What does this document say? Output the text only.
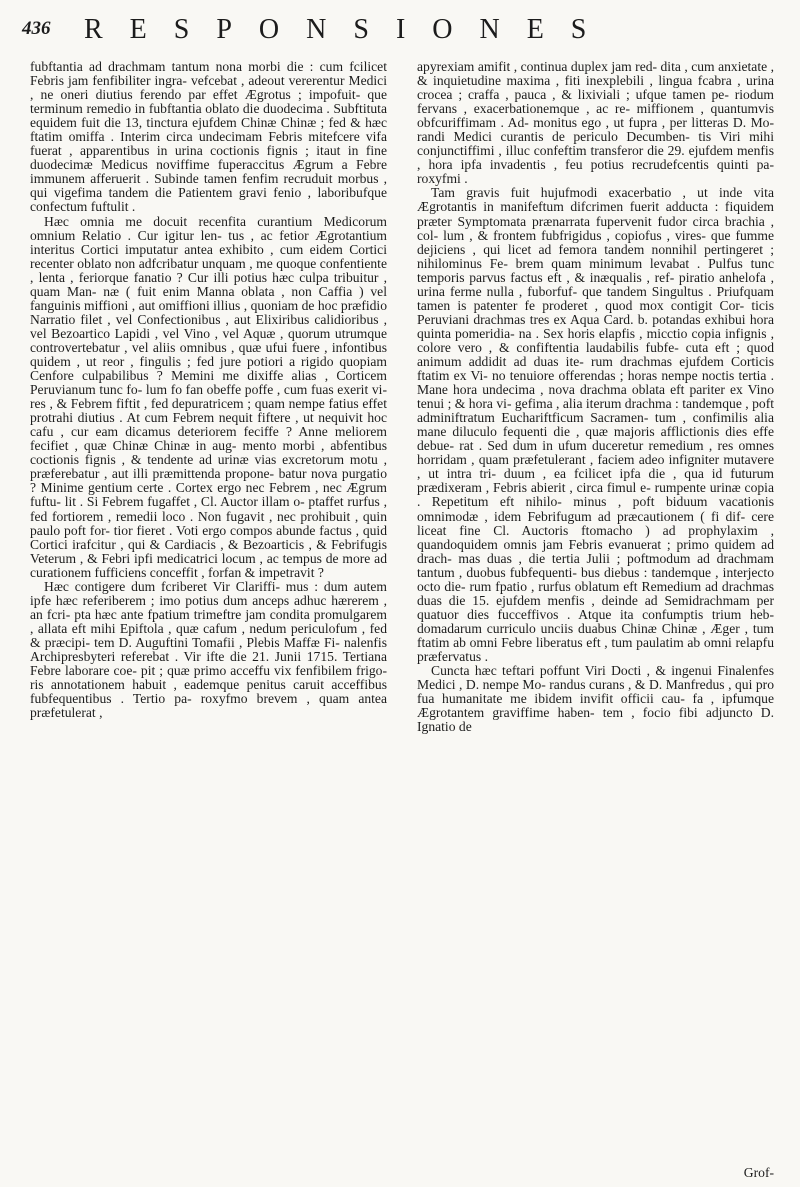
436 RESPONSIONES

fubftantia ad drachmam tantum nona morbi die : cum fcilicet Febris jam fenfibiliter ingra- vefcebat , adeout vererentur Medici , ne oneri diutius ferendo par effet Ægrotus ; impofuit- que terminum remedio in fubftantia oblato die duodecima . Subftituta equidem fuit die 13, tinctura ejufdem Chinæ Chinæ ; fed & hæc ftatim omiffa . Interim circa undecimam Febris mitefcere vifa fuerat , apparentibus in urina coctionis fignis ; itaut in fine duodecimæ Medicus noviffime fuperaccitus Ægrum a Febre immunem afferuerit . Subinde tamen fenfim recruduit morbus , qui vigefima tandem die Patientem gravi fenio , laboribufque confectum fuftulit .

Hæc omnia me docuit recenfita curantium Medicorum omnium Relatio . Cur igitur len- tus , ac fetior Ægrotantium interitus Cortici imputatur antea exhibito , cum eidem Cortici recenter oblato non adfcribatur unquam , me quoque confentiente , lenta , feriorque fanatio ? Cur illi potius hæc culpa tribuitur , quam Man- næ ( fuit enim Manna oblata , non Caffia ) vel fanguinis miffioni , aut omiffioni illius , quoniam de hoc præfidio Narratio filet , vel Confectionibus , aut Elixiribus calidioribus , vel Bezoartico Lapidi , vel Vino , vel Aquæ , quorum utrumque controvertebatur , vel aliis omnibus , quæ ufui fuere , infontibus quidem , ut reor , fingulis ; fed jure potiori a rigido quopiam Cenfore culpabilibus ? Memini me dixiffe alias , Corticem Peruvianum tunc fo- lum fo fan obeffe poffe , cum fuas exerit vi- res , & Febrem fiftit , fed depuratricem ; quam nempe fatius effet protrahi diutius . At cum Febrem nequit fiftere , ut nequivit hoc cafu , cur eam dicamus deteriorem feciffe ? Anne meliorem fecifiet , quæ Chinæ Chinæ in aug- mento morbi , abfentibus coctionis fignis , & tendente ad urinæ vias excretorum motu , præferebatur , aut illi præmittenda propone- batur nova purgatio ? Minime gentium certe . Cortex ergo nec Febrem , nec Ægrum fuftu- lit . Si Febrem fugaffet , Cl. Auctor illam o- ptaffet rurfus , fed fortiorem , remedii loco . Non fugavit , nec prohibuit , quin paulo poft for- tior fieret . Voti ergo compos abunde factus , quid Cortici irafcitur , qui & Cardiacis , & Bezoarticis , & Febrifugis Veterum , & Febri ipfi medicatrici locum , ac tempus de more ad curationem fufficiens conceffit , forfan & impetravit ?

Hæc contigere dum fcriberet Vir Clariffi- mus : dum autem ipfe hæc referiberem ; imo potius dum anceps adhuc hærerem , an fcri- pta hæc ante fpatium trimeftre jam condita promulgarem , allata eft mihi Epiftola , quæ cafum , nedum periculofum , fed & præcipi- tem D. Auguftini Tomafii , Plebis Maffæ Fi- nalenfis Archipresbyteri referebat . Vir ifte die 21. Junii 1715. Tertiana Febre laborare coe- pit ; quæ primo acceffu vix fenfibilem frigo- ris annotationem habuit , eademque penitus caruit acceffibus fubfequentibus . Tertio pa- roxyfmo brevem , quam antea præfetulerat ,

apyrexiam amifit , continua duplex jam red- dita , cum anxietate , & inquietudine maxima , fiti inexplebili , lingua fcabra , urina crocea ; craffa , pauca , & lixiviali ; ufque tamen pe- riodum fervans , exacerbationemque , ac re- miffionem , quantumvis obfcuriffimam . Ad- monitus ego , ut fupra , per litteras D. Mo- randi Medici curantis de periculo Decumben- tis Viri mihi conjunctiffimi , illuc confeftim transferor die 29. ejufdem menfis , hora ipfa invadentis , feu potius recrudefcentis quinti pa- roxyfmi .

Tam gravis fuit hujufmodi exacerbatio , ut inde vita Ægrotantis in manifeftum difcrimen fuerit adducta : fiquidem præter Symptomata prænarrata fupervenit fudor circa brachia , col- lum , & frontem fubfrigidus , copiofus , vires- que fumme dejiciens , qui licet ad femora tandem nonnihil pertingeret ; nihilominus Fe- brem quam minimum levabat . Pulfus tunc temporis parvus factus eft , & inæqualis , ref- piratio anhelofa , urina ferme nulla , fuborfuf- que tandem Singultus . Priufquam tamen is patenter fe proderet , quod mox contigit Cor- ticis Peruviani drachmas tres ex Aqua Card. b. potandas exhibui hora quinta pomeridia- na . Sex horis elapfis , micctio copia infignis , colore vero , & confiftentia laudabilis fubfe- cuta eft ; quod animum addidit ad duas ite- rum drachmas ejufdem Corticis ftatim ex Vi- no tenuiore offerendas ; horas nempe noctis tertia . Mane hora undecima , nova drachma oblata eft pariter ex Vino tenui ; & hora vi- gefima , alia iterum drachma : tandemque , poft adminiftratum Euchariftficum Sacramen- tum , confimilis alia mane diluculo fequenti die , quæ majoris afflictionis dies effe debue- rat . Sed dum in ufum duceretur remedium , res omnes horridam , quam præfetulerant , faciem adeo infigniter mutavere , ut intra tri- duum , ea fcilicet ipfa die , qua id futurum prædixeram , Febris abierit , circa fimul e- rumpente urinæ copia . Repetitum eft nihilo- minus , poft biduum vacationis omnimodæ , idem Febrifugum ad præcautionem ( fi dif- cere liceat fine Cl. Auctoris ftomacho ) ad prophylaxim , quandoquidem omnis jam Febris evanuerat ; primo quidem ad drach- mas duas , die tertia Julii ; poftmodum ad drachmam tantum , duobus fubfequenti- bus diebus : tandemque , interjecto octo die- rum fpatio , rurfus oblatum eft Remedium ad drachmas duas die 15. ejufdem menfis , deinde ad Semidrachmam per quatuor dies fucceffivos . Atque ita confumptis trium heb- domadarum curriculo unciis duabus Chinæ Chinæ , Æger , tum ftatim ab omni Febre liberatus eft , tum paulatim ab omni relapfu præfervatus .

Cuncta hæc teftari poffunt Viri Docti , & ingenui Finalenfes Medici , D. nempe Mo- randus curans , & D. Manfredus , qui pro fua humanitate me ibidem invifit officii cau- fa , ipfumque Ægrotantem graviffime haben- tem , focio fibi adjuncto D. Ignatio de

Grof-
